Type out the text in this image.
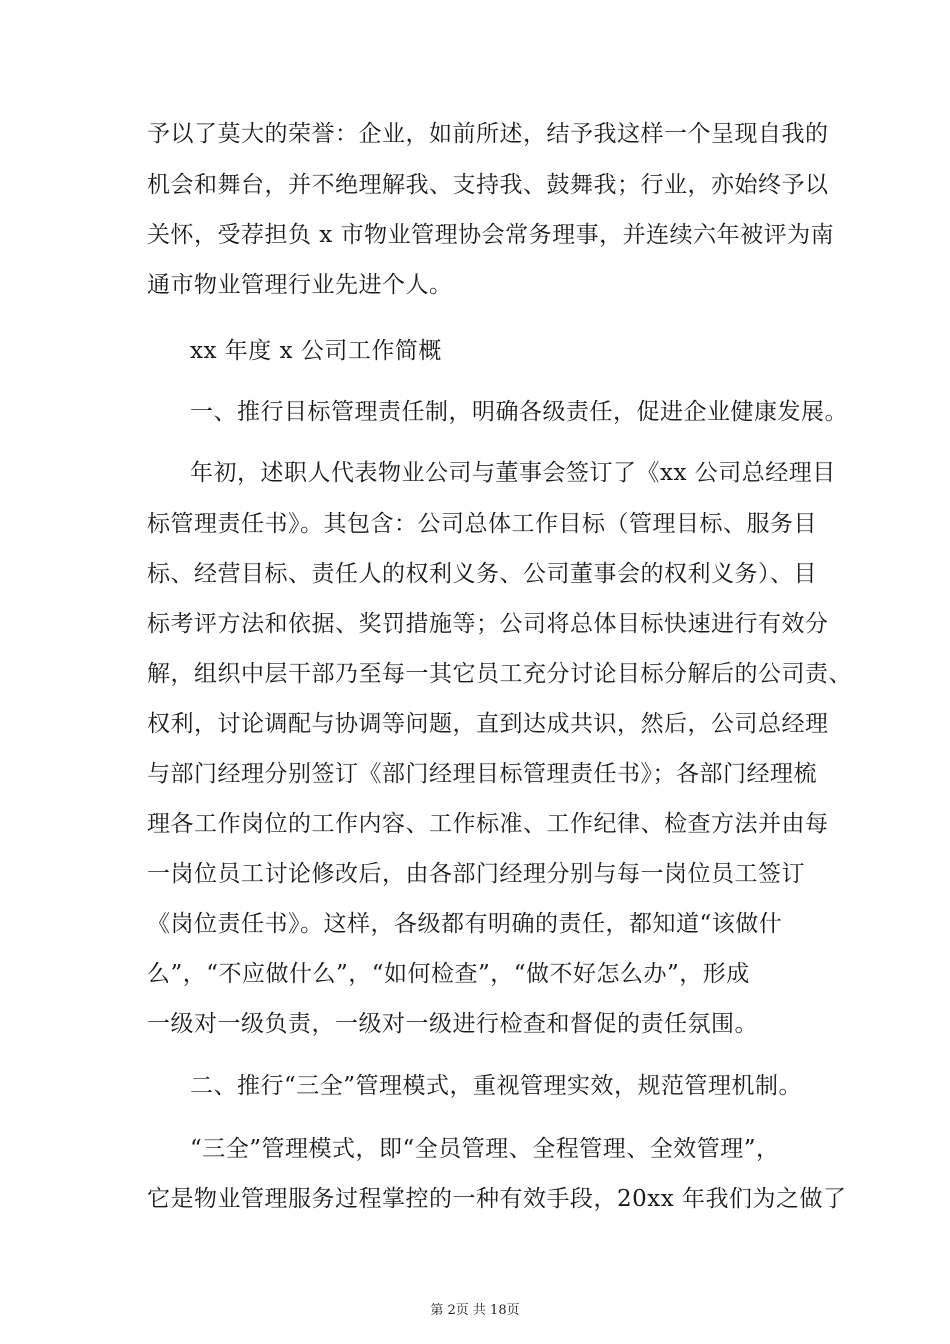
予以了莫大的荣誉：企业，如前所述，结予我这样一个呈现自我的
机会和舞台，并不绝理解我、支持我、鼓舞我；行业，亦始终予以
关怀，受荐担负 x 市物业管理协会常务理事，并连续六年被评为南
通市物业管理行业先进个人。
xx 年度 x 公司工作简概
一、推行目标管理责任制，明确各级责任，促进企业健康发展。
年初，述职人代表物业公司与董事会签订了《xx 公司总经理目
标管理责任书》。其包含：公司总体工作目标（管理目标、服务目
标、经营目标、责任人的权利义务、公司董事会的权利义务）、目
标考评方法和依据、奖罚措施等；公司将总体目标快速进行有效分
解，组织中层干部乃至每一其它员工充分讨论目标分解后的公司责、
权利，讨论调配与协调等问题，直到达成共识，然后，公司总经理
与部门经理分别签订《部门经理目标管理责任书》；各部门经理梳
理各工作岗位的工作内容、工作标准、工作纪律、检查方法并由每
一岗位员工讨论修改后，由各部门经理分别与每一岗位员工签订
《岗位责任书》。这样，各级都有明确的责任，都知道“该做什
么”，“不应做什么”，“如何检查”，“做不好怎么办”，形成
一级对一级负责，一级对一级进行检查和督促的责任氛围。
二、推行“三全”管理模式，重视管理实效，规范管理机制。
“三全”管理模式，即“全员管理、全程管理、全效管理”，
它是物业管理服务过程掌控的一种有效手段，20xx 年我们为之做了
第 2页 共 18页
